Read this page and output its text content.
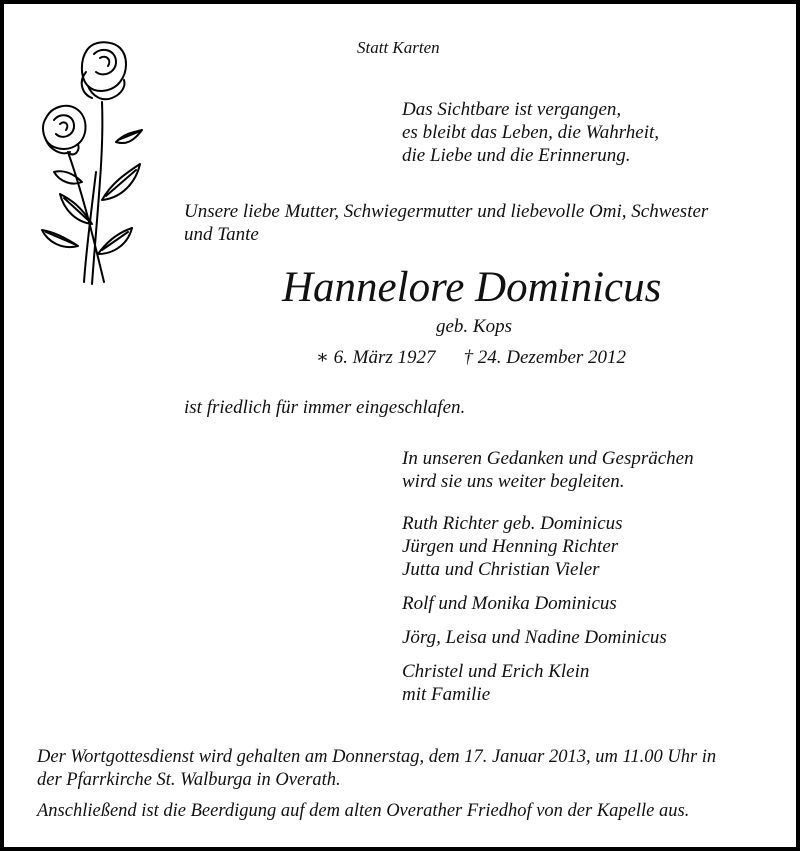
Statt Karten

Das Sichtbare ist vergangen,
es bleibt das Leben, die Wahrheit,
die Liebe und die Erinnerung.
Unsere liebe Mutter, Schwiegermutter und liebevolle Omi, Schwester
und Tante

Hannelore Dominicus

geb. Kops

∗ 6. März 1927 † 24. Dezember 2012

ist friedlich für immer eingeschlafen.

In unseren Gedanken und Gesprächen
wird sie uns weiter begleiten.
Ruth Richter geb. Dominicus
Jürgen und Henning Richter
Jutta und Christian Vieler
Rolf und Monika Dominicus
Jörg, Leisa und Nadine Dominicus
Christel und Erich Klein
mit Familie
Der Wortgottesdienst wird gehalten am Donnerstag, dem 17. Januar 2013, um 11.00 Uhr in
der Pfarrkirche St. Walburga in Overath.

Anschließend ist die Beerdigung auf dem alten Overather Friedhof von der Kapelle aus.
